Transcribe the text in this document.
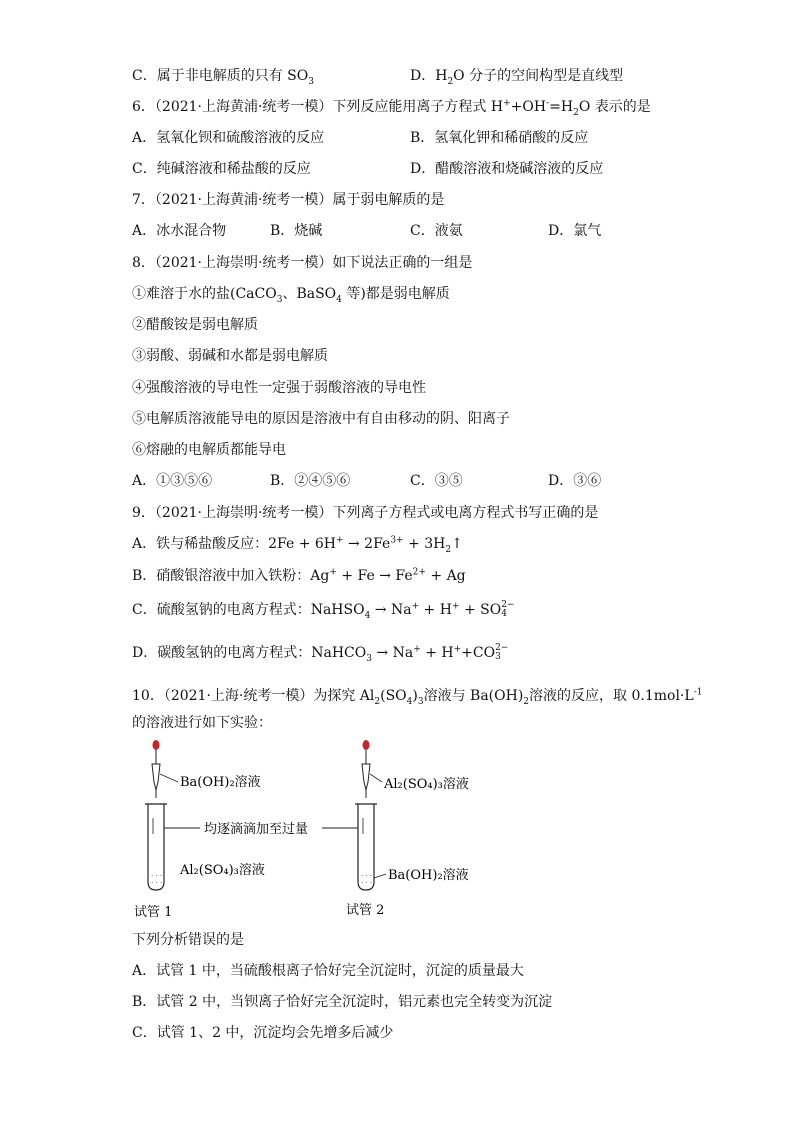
C．属于非电解质的只有 $SO_3$	D．$H_2O$ 分子的空间构型是直线型
6．（2021·上海黄浦·统考一模）下列反应能用离子方程式 $H^++OH^-=H_2O$ 表示的是
A．氢氧化钡和硫酸溶液的反应	B．氢氧化钾和稀硝酸的反应
C．纯碱溶液和稀盐酸的反应	D．醋酸溶液和烧碱溶液的反应
7．（2021·上海黄浦·统考一模）属于弱电解质的是
A．冰水混合物	B．烧碱	C．液氨	D．氯气
8．（2021·上海崇明·统考一模）如下说法正确的一组是
①难溶于水的盐(CaCO$_3$、BaSO$_4$ 等)都是弱电解质
②醋酸铵是弱电解质
③弱酸、弱碱和水都是弱电解质
④强酸溶液的导电性一定强于弱酸溶液的导电性
⑤电解质溶液能导电的原因是溶液中有自由移动的阴、阳离子
⑥熔融的电解质都能导电
A．①③⑤⑥	B．②④⑤⑥	C．③⑤	D．③⑥
9．（2021·上海崇明·统考一模）下列离子方程式或电离方程式书写正确的是
A．铁与稀盐酸反应：$2Fe + 6H^+ \to 2Fe^{3+}$ + $3H_2↑$
B．硝酸银溶液中加入铁粉：$Ag^+ + Fe \to Fe^{2+} + Ag$
C．硫酸氢钠的电离方程式：NaHSO$_4$ → Na+ + H+ + SO 2−
4
D．碳酸氢钠的电离方程式：NaHCO$_3$ → Na+ + H++CO 2−
3
10．（2021·上海·统考一模）为探究 $Al_2(SO_4)_3$溶液与 $Ba(OH)_2$溶液的反应，取 $0.1mol\cdot L^{-1}$
的溶液进行如下实验：
Ba(OH)₂溶液
· · ·
· · ·
均逐滴滴加至过量
Al₂(SO₄)₃溶液
试管 1
Al₂(SO₄)₃溶液
· · ·
· · · Ba(OH)₂溶液
试管 2
下列分析错误的是
A．试管 1 中，当硫酸根离子恰好完全沉淀时，沉淀的质量最大
B．试管 2 中，当钡离子恰好完全沉淀时，铝元素也完全转变为沉淀
C．试管 1、2 中，沉淀均会先增多后减少
